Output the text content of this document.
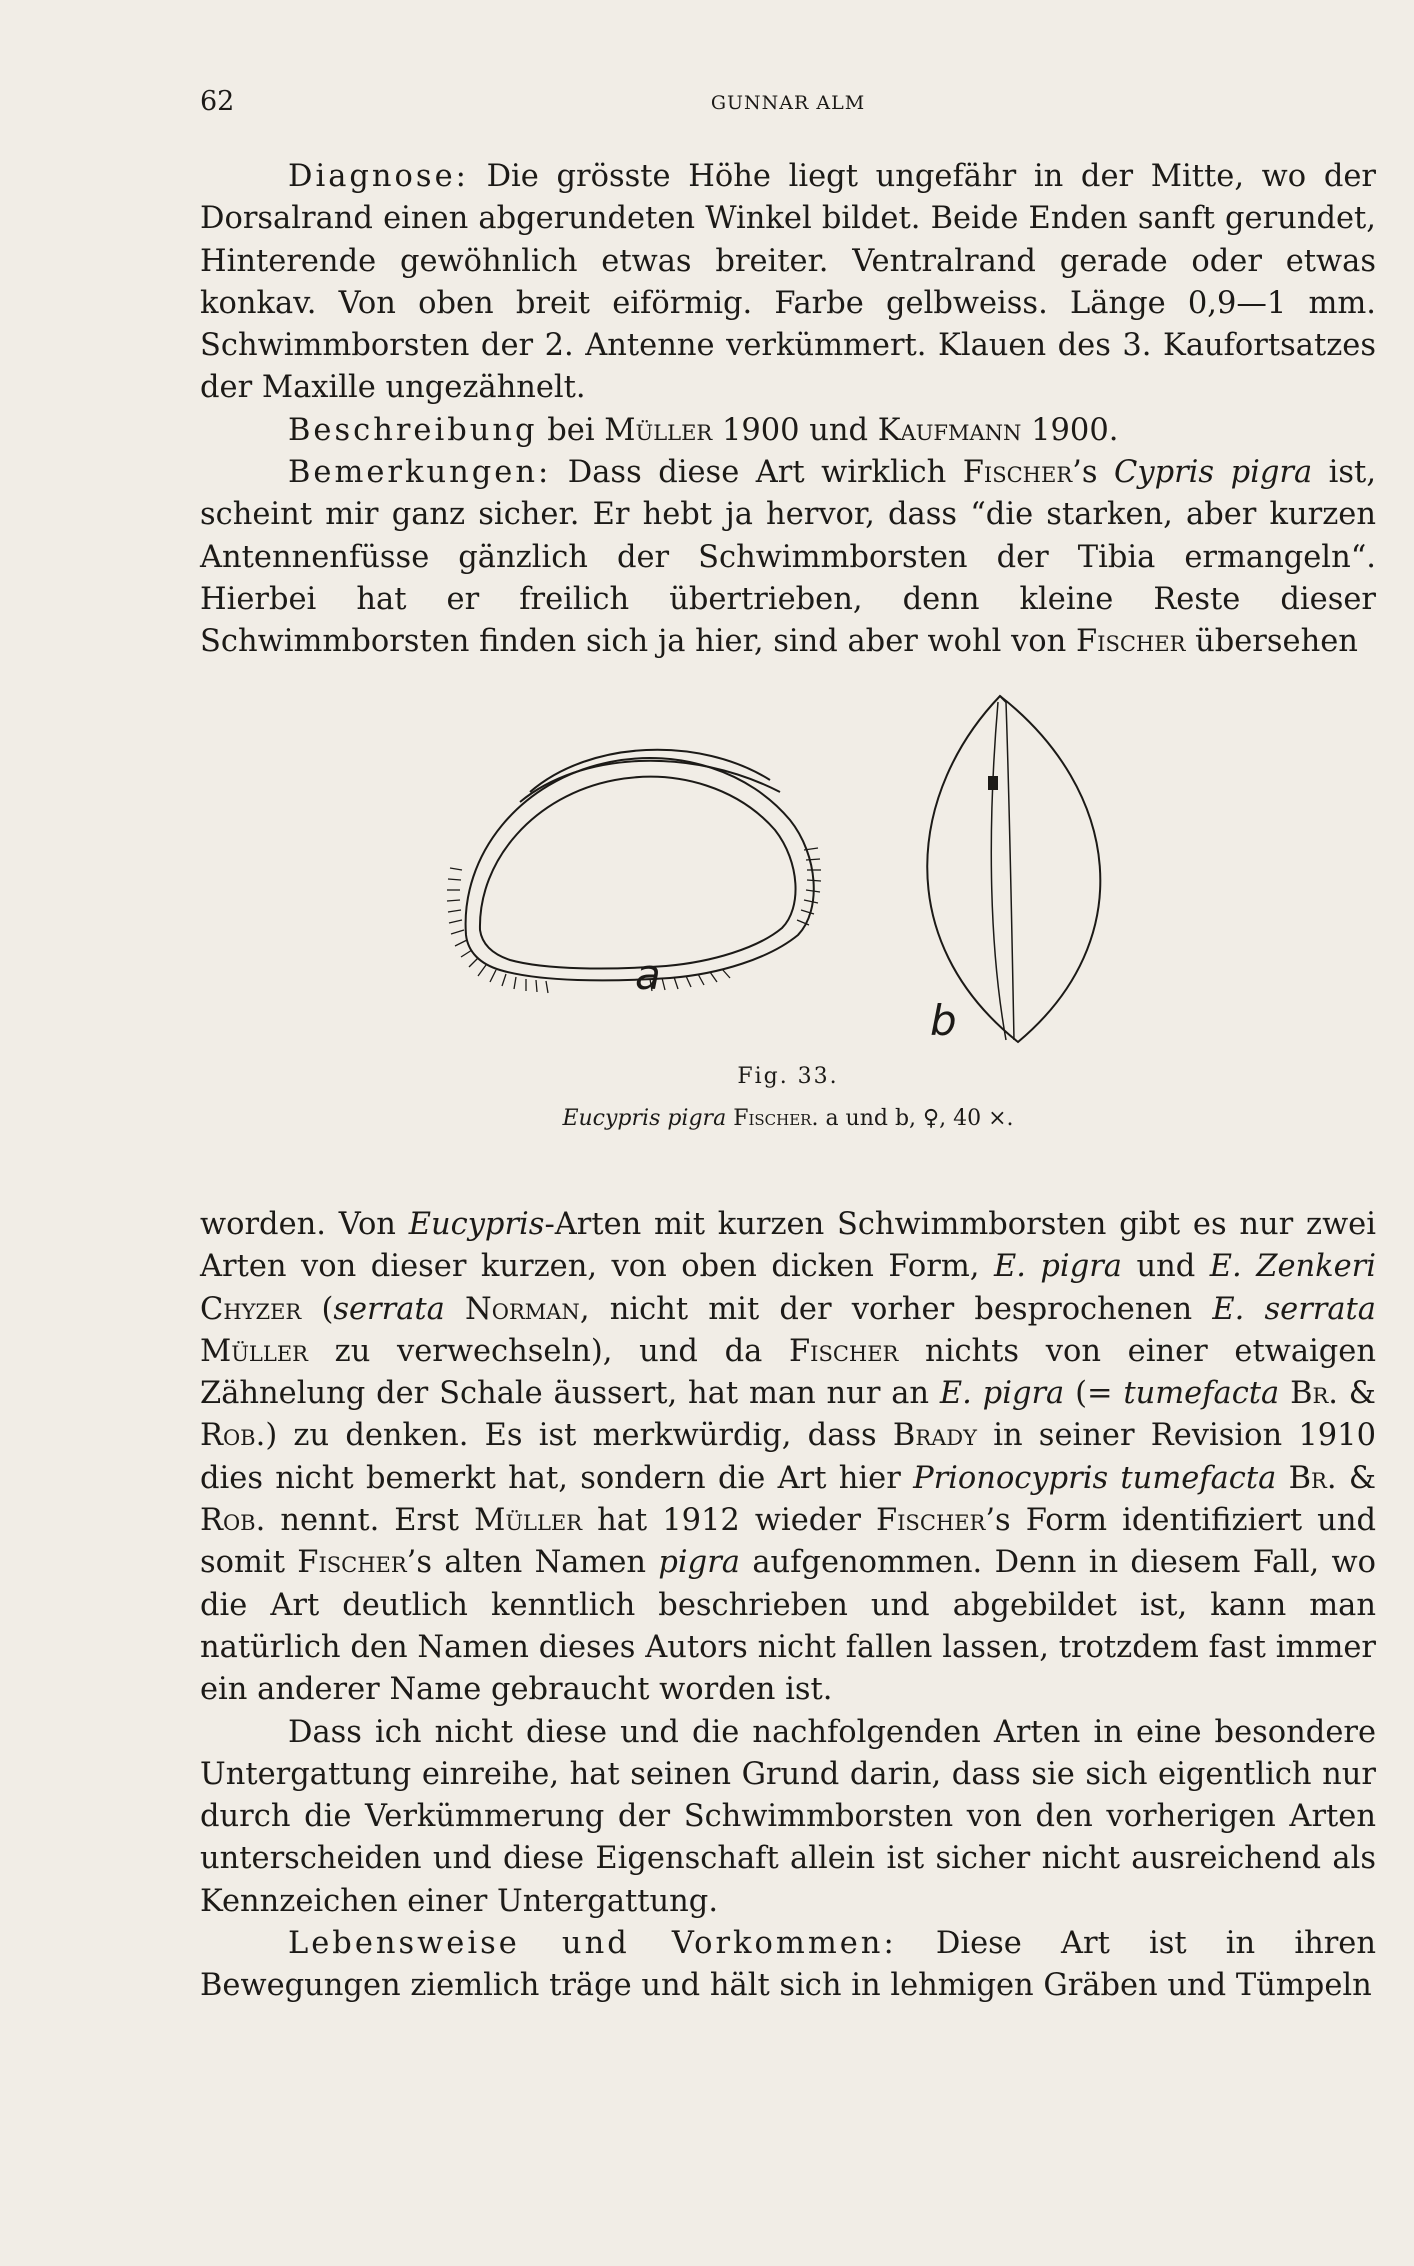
62	GUNNAR ALM

Diagnose: Die grösste Höhe liegt ungefähr in der Mitte, wo der Dorsalrand einen abgerundeten Winkel bildet. Beide Enden sanft gerundet, Hinterende gewöhnlich etwas breiter. Ventralrand gerade oder etwas konkav. Von oben breit eiförmig. Farbe gelbweiss. Länge 0,9—1 mm. Schwimmborsten der 2. Antenne verkümmert. Klauen des 3. Kaufortsatzes der Maxille ungezähnelt.

Beschreibung bei Müller 1900 und Kaufmann 1900.

Bemerkungen: Dass diese Art wirklich Fischer’s Cypris pigra ist, scheint mir ganz sicher. Er hebt ja hervor, dass “die starken, aber kurzen Antennenfüsse gänzlich der Schwimmborsten der Tibia ermangeln“. Hierbei hat er freilich übertrieben, denn kleine Reste dieser Schwimmborsten finden sich ja hier, sind aber wohl von Fischer übersehen

a
b
Fig. 33.
Eucypris pigra Fischer. a und b, ♀, 40 ×.

worden. Von Eucypris-Arten mit kurzen Schwimmborsten gibt es nur zwei Arten von dieser kurzen, von oben dicken Form, E. pigra und E. Zenkeri Chyzer (serrata Norman, nicht mit der vorher besprochenen E. serrata Müller zu verwechseln), und da Fischer nichts von einer etwaigen Zähnelung der Schale äussert, hat man nur an E. pigra (= tumefacta Br. & Rob.) zu denken. Es ist merkwürdig, dass Brady in seiner Revision 1910 dies nicht bemerkt hat, sondern die Art hier Prionocypris tumefacta Br. & Rob. nennt. Erst Müller hat 1912 wieder Fischer’s Form identifiziert und somit Fischer’s alten Namen pigra aufgenommen. Denn in diesem Fall, wo die Art deutlich kenntlich beschrieben und abgebildet ist, kann man natürlich den Namen dieses Autors nicht fallen lassen, trotzdem fast immer ein anderer Name gebraucht worden ist.

Dass ich nicht diese und die nachfolgenden Arten in eine besondere Untergattung einreihe, hat seinen Grund darin, dass sie sich eigentlich nur durch die Verkümmerung der Schwimmborsten von den vorherigen Arten unterscheiden und diese Eigenschaft allein ist sicher nicht ausreichend als Kennzeichen einer Untergattung.

Lebensweise und Vorkommen: Diese Art ist in ihren Bewegungen ziemlich träge und hält sich in lehmigen Gräben und Tümpeln
